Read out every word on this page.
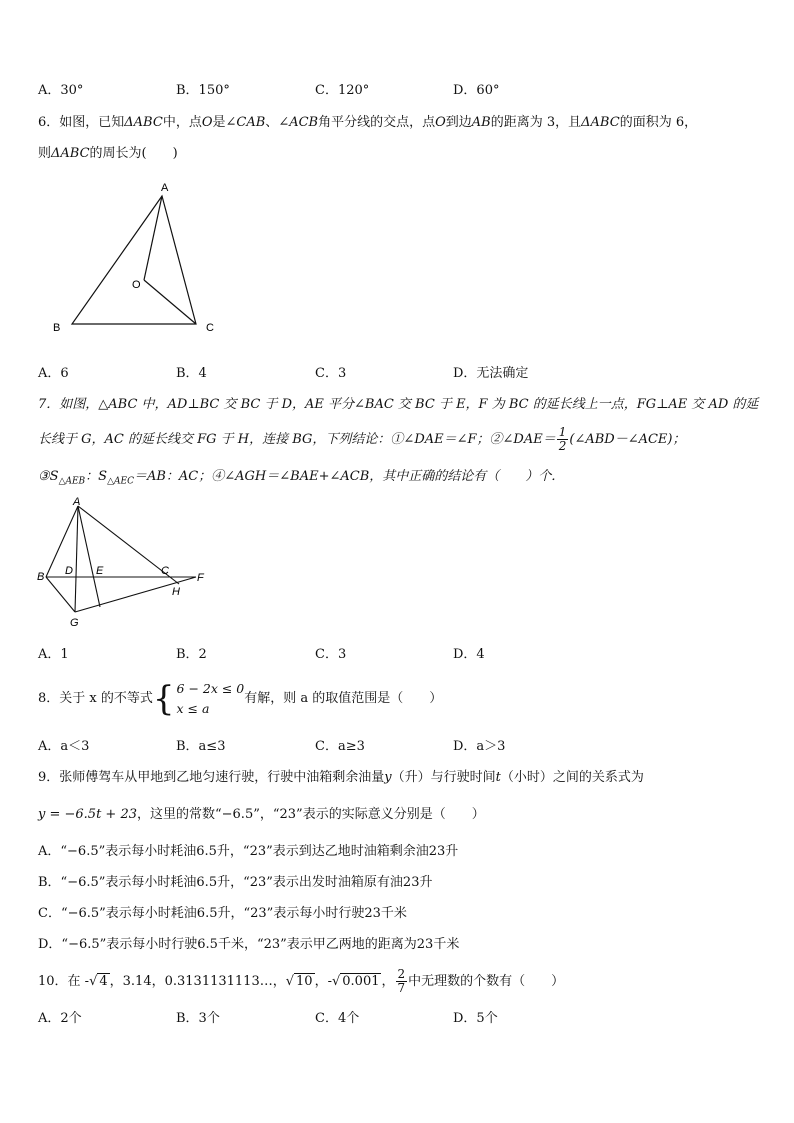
A．30°	B．150°	C．120°	D．60°
6．如图，已知ΔABC中，点O是∠CAB、∠ACB角平分线的交点，点O到边AB的距离为 3，且ΔABC的面积为 6，
则ΔABC的周长为(　　)
A
B	C
O
A．6	B．4	C．3	D．无法确定
7．如图，△ABC 中，AD⊥BC 交 BC 于 D，AE 平分∠BAC 交 BC 于 E，F 为 BC 的延长线上一点，FG⊥AE 交 AD 的延
长线于 G，AC 的延长线交 FG 于 H，连接 BG，下列结论：①∠DAE＝∠F；②∠DAE＝ $\frac{1}{2}$ (∠ABD－∠ACE)；
$③S_{\triangle AEB}$：$S_{\triangle AEC}=AB$：AC；④∠AGH＝∠BAE+∠ACB，其中正确的结论有（　　）个．
A
B D E	C
F
H
G
A．1	B．2	C．3	D．4
8．关于 x 的不等式 { 6 − 2x ≤ 0
x ≤ a
有解，则 a 的取值范围是（　　）
A．a＜3	B．a≤3	C．a≥3	D．a＞3
9．张师傅驾车从甲地到乙地匀速行驶，行驶中油箱剩余油量y（升）与行驶时间t（小时）之间的关系式为
y = −6.5t + 23，这里的常数“−6.5”，“23”表示的实际意义分别是（　　）
A．“−6.5”表示每小时耗油6.5升，“23”表示到达乙地时油箱剩余油23升
B．“−6.5”表示每小时耗油6.5升，“23”表示出发时油箱原有油23升
C．“−6.5”表示每小时耗油6.5升，“23”表示每小时行驶23千米
D．“−6.5”表示每小时行驶6.5千米，“23”表示甲乙两地的距离为23千米
10．在 -√ 4 ，3.14，0.3131131113…，√ 10 ，-√ 0.001 ， $\frac{2}{7}$ 中无理数的个数有（　　）
A．2个	B．3个	C．4个	D．5个
